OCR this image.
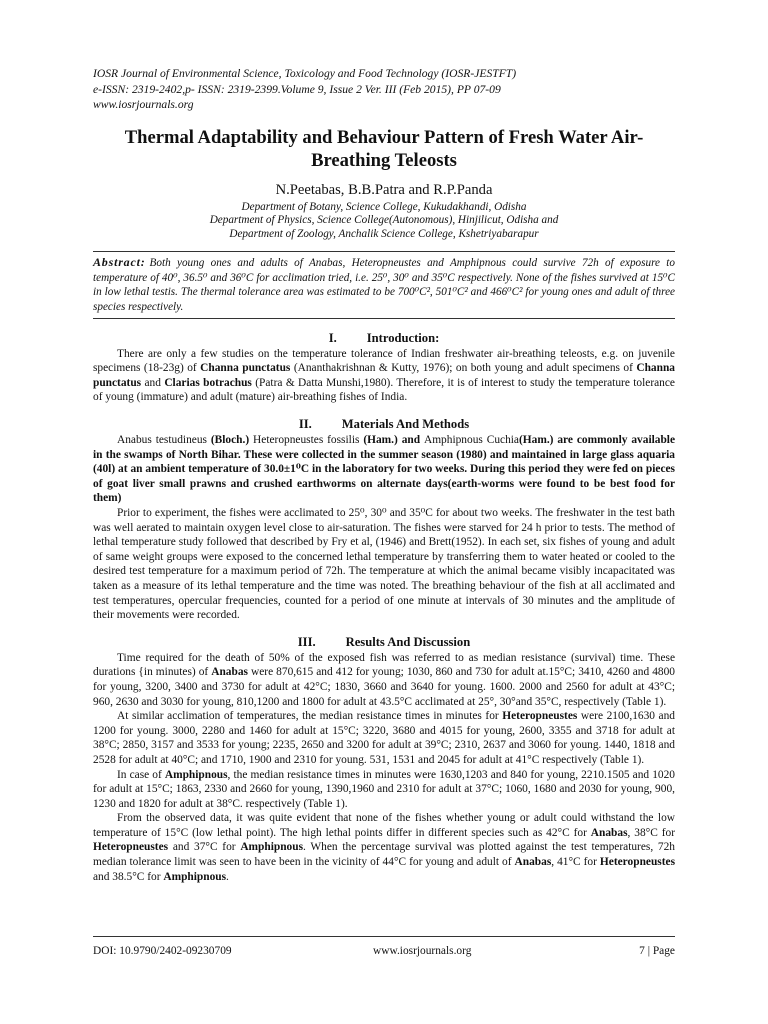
IOSR Journal of Environmental Science, Toxicology and Food Technology (IOSR-JESTFT)
e-ISSN: 2319-2402,p- ISSN: 2319-2399.Volume 9, Issue 2 Ver. III (Feb 2015), PP 07-09
www.iosrjournals.org
Thermal Adaptability and Behaviour Pattern of Fresh Water Air-Breathing Teleosts
N.Peetabas, B.B.Patra and R.P.Panda
Department of Botany, Science College, Kukudakhandi, Odisha
Department of Physics, Science College(Autonomous), Hinjilicut, Odisha and
Department of Zoology, Anchalik Science College, Kshetriyabarapur
Abstract: Both young ones and adults of Anabas, Heteropneustes and Amphipnous could survive 72h of exposure to temperature of 40⁰, 36.5⁰ and 36⁰C for acclimation tried, i.e. 25⁰, 30⁰ and 35⁰C respectively. None of the fishes survived at 15⁰C in low lethal testis. The thermal tolerance area was estimated to be 700⁰C², 501⁰C² and 466⁰C² for young ones and adult of three species respectively.
I. Introduction:

There are only a few studies on the temperature tolerance of Indian freshwater air-breathing teleosts, e.g. on juvenile specimens (18-23g) of Channa punctatus (Ananthakrishnan & Kutty, 1976); on both young and adult specimens of Channa punctatus and Clarias botrachus (Patra & Datta Munshi,1980). Therefore, it is of interest to study the temperature tolerance of young (immature) and adult (mature) air-breathing fishes of India.

II. Materials And Methods

Anabus testudineus (Bloch.) Heteropneustes fossilis (Ham.) and Amphipnous Cuchia(Ham.) are commonly available in the swamps of North Bihar. These were collected in the summer season (1980) and maintained in large glass aquaria (40l) at an ambient temperature of 30.0±1⁰C in the laboratory for two weeks. During this period they were fed on pieces of goat liver small prawns and crushed earthworms on alternate days(earth-worms were found to be best food for them)

Prior to experiment, the fishes were acclimated to 25⁰, 30⁰ and 35⁰C for about two weeks. The freshwater in the test bath was well aerated to maintain oxygen level close to air-saturation. The fishes were starved for 24 h prior to tests. The method of lethal temperature study followed that described by Fry et al, (1946) and Brett(1952). In each set, six fishes of young and adult of same weight groups were exposed to the concerned lethal temperature by transferring them to water heated or cooled to the desired test temperature for a maximum period of 72h. The temperature at which the animal became visibly incapacitated was taken as a measure of its lethal temperature and the time was noted. The breathing behaviour of the fish at all acclimated and test temperatures, opercular frequencies, counted for a period of one minute at intervals of 30 minutes and the amplitude of their movements were recorded.

III. Results And Discussion

Time required for the death of 50% of the exposed fish was referred to as median resistance (survival) time. These durations {in minutes) of Anabas were 870,615 and 412 for young; 1030, 860 and 730 for adult at.15°C; 3410, 4260 and 4800 for young, 3200, 3400 and 3730 for adult at 42°C; 1830, 3660 and 3640 for young. 1600. 2000 and 2560 for adult at 43°C; 960, 2630 and 3030 for young, 810,1200 and 1800 for adult at 43.5°C acclimated at 25°, 30°and 35°C, respectively (Table 1).

At similar acclimation of temperatures, the median resistance times in minutes for Heteropneustes were 2100,1630 and 1200 for young. 3000, 2280 and 1460 for adult at 15°C; 3220, 3680 and 4015 for young, 2600, 3355 and 3718 for adult at 38°C; 2850, 3157 and 3533 for young; 2235, 2650 and 3200 for adult at 39°C; 2310, 2637 and 3060 for young. 1440, 1818 and 2528 for adult at 40°C; and 1710, 1900 and 2310 for young. 531, 1531 and 2045 for adult at 41°C respectively (Table 1).

In case of Amphipnous, the median resistance times in minutes were 1630,1203 and 840 for young, 2210.1505 and 1020 for adult at 15°C; 1863, 2330 and 2660 for young, 1390,1960 and 2310 for adult at 37°C; 1060, 1680 and 2030 for young, 900, 1230 and 1820 for adult at 38°C. respectively (Table 1).

From the observed data, it was quite evident that none of the fishes whether young or adult could withstand the low temperature of 15°C (low lethal point). The high lethal points differ in different species such as 42°C for Anabas, 38°C for Heteropneustes and 37°C for Amphipnous. When the percentage survival was plotted against the test temperatures, 72h median tolerance limit was seen to have been in the vicinity of 44°C for young and adult of Anabas, 41°C for Heteropneustes and 38.5°C for Amphipnous.

DOI: 10.9790/2402-09230709	www.iosrjournals.org	7 | Page
